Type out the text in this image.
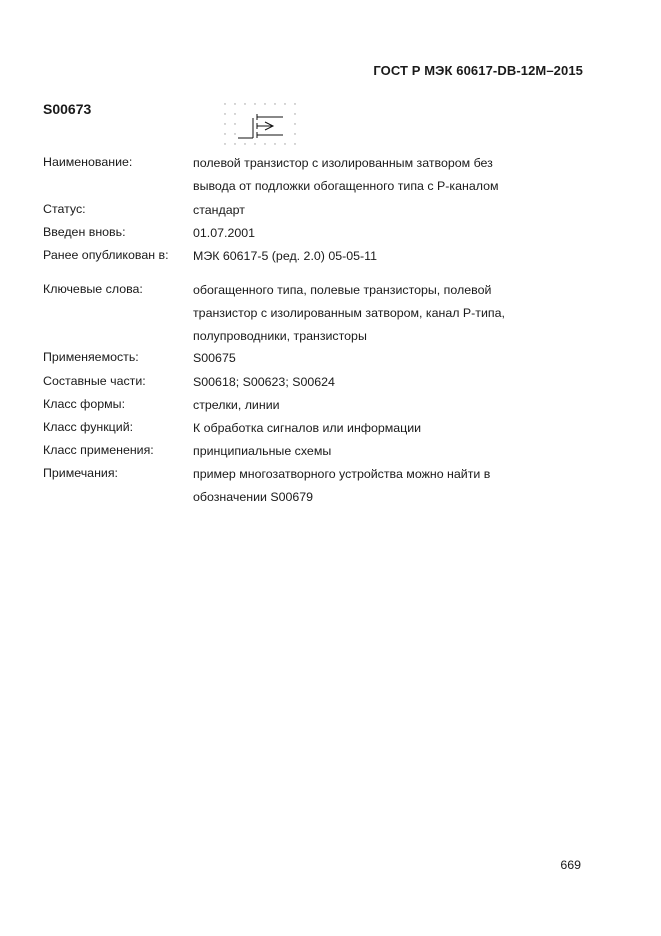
ГОСТ Р МЭК 60617-DB-12M–2015
S00673
Наименование:	полевой транзистор с изолированным затвором без
вывода от подложки обогащенного типа с Р-каналом
Статус:	стандарт
Введен вновь:	01.07.2001
Ранее опубликован в: МЭК 60617-5 (ред. 2.0) 05-05-11
Ключевые слова:	обогащенного типа, полевые транзисторы, полевой
транзистор с изолированным затвором, канал Р-типа,
полупроводники, транзисторы
Применяемость:	S00675
Составные части:	S00618; S00623; S00624
Класс формы:	стрелки, линии
Класс функций:	К обработка сигналов или информации
Класс применения:	принципиальные схемы
Примечания:	пример многозатворного устройства можно найти в
обозначении S00679
669
